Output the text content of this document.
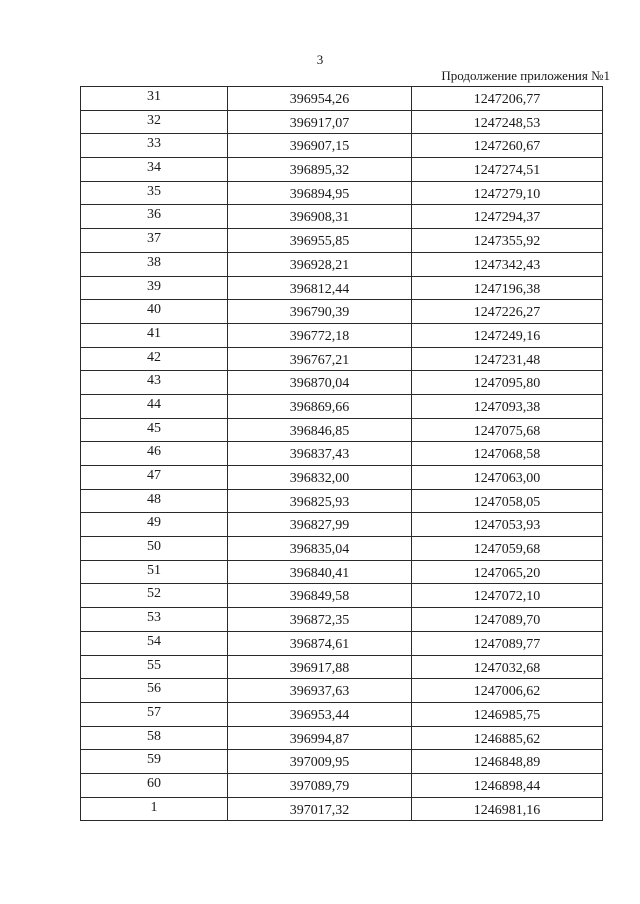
3
Продолжение приложения №1
31	396954,26	1247206,77
32	396917,07	1247248,53
33	396907,15	1247260,67
34	396895,32	1247274,51
35	396894,95	1247279,10
36	396908,31	1247294,37
37	396955,85	1247355,92
38	396928,21	1247342,43
39	396812,44	1247196,38
40	396790,39	1247226,27
41	396772,18	1247249,16
42	396767,21	1247231,48
43	396870,04	1247095,80
44	396869,66	1247093,38
45	396846,85	1247075,68
46	396837,43	1247068,58
47	396832,00	1247063,00
48	396825,93	1247058,05
49	396827,99	1247053,93
50	396835,04	1247059,68
51	396840,41	1247065,20
52	396849,58	1247072,10
53	396872,35	1247089,70
54	396874,61	1247089,77
55	396917,88	1247032,68
56	396937,63	1247006,62
57	396953,44	1246985,75
58	396994,87	1246885,62
59	397009,95	1246848,89
60	397089,79	1246898,44
1	397017,32	1246981,16
